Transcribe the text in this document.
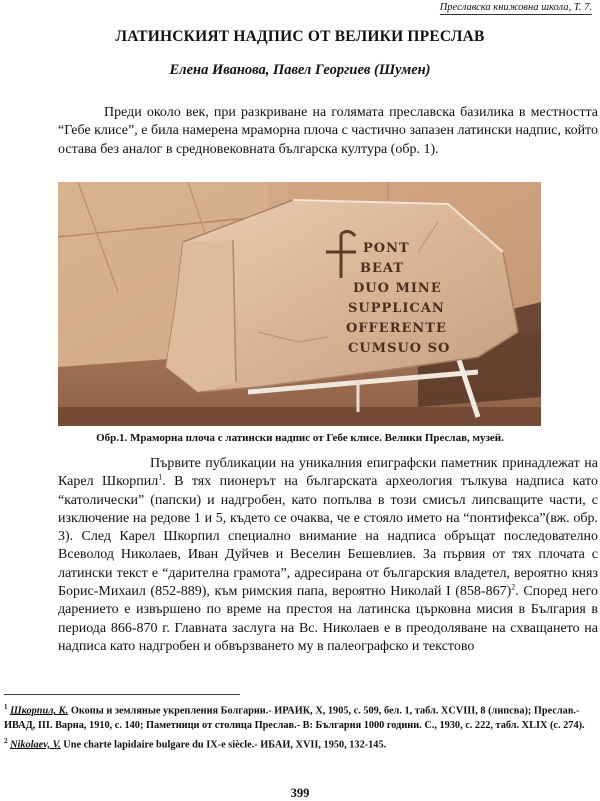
Преславска книжовна школа, Т. 7.
ЛАТИНСКИЯТ НАДПИС ОТ ВЕЛИКИ ПРЕСЛАВ
Елена Иванова, Павел Георгиев (Шумен)

Преди около век, при разкриване на голямата преславска базилика в местността “Гебе клисе”, е била намерена мраморна плоча с частично запазен латински надпис, който остава без аналог в средновековната българска култура (обр. 1).

PONT
BEAT
DUO MINE
SUPPLICAN
OFFERENTE
CUMSUO SO
Обр.1. Мраморна плоча с латински надпис от Гебе клисе. Велики Преслав, музей.

Първите публикации на уникалния епиграфски паметник принадлежат на Карел Шкорпил$^1$. В тях пионерът на българската археология тълкува надписа като “католически” (папски) и надгробен, като попълва в този смисъл липсващите части, с изключение на редове 1 и 5, където се очаква, че е стояло името на “понтифекса”(вж. обр. 3). След Карел Шкорпил специално внимание на надписа обръщат последователно Всеволод Николаев, Иван Дуйчев и Веселин Бешевлиев. За първия от тях плочата с латински текст е “дарителна грамота”, адресирана от българския владетел, вероятно княз Борис-Михаил (852-889), към римския папа, вероятно Николай I (858-867)$^2$. Според него дарението е извършено по време на престоя на латинска църковна мисия в България в периода 866-870 г. Главната заслуга на Вс. Николаев е в преодоляване на схващането на надписа като надгробен и обвързването му в палеографско и текстово

$^1$ Шкорпил, К. Окопы и земляные укрепления Болгарии.- ИРАИК, Х, 1905, с. 509, бел. 1, табл. XCVIII, 8 (липсва); Преслав.- ИВАД, III. Варна, 1910, с. 140; Паметници от столица Преслав.- В: България 1000 години. С., 1930, с. 222, табл. XLIX (с. 274).
$^2$ Nikolaev, V. Une charte lapidaire bulgare du IX-e siècle.- ИБАИ, XVII, 1950, 132-145.
399
